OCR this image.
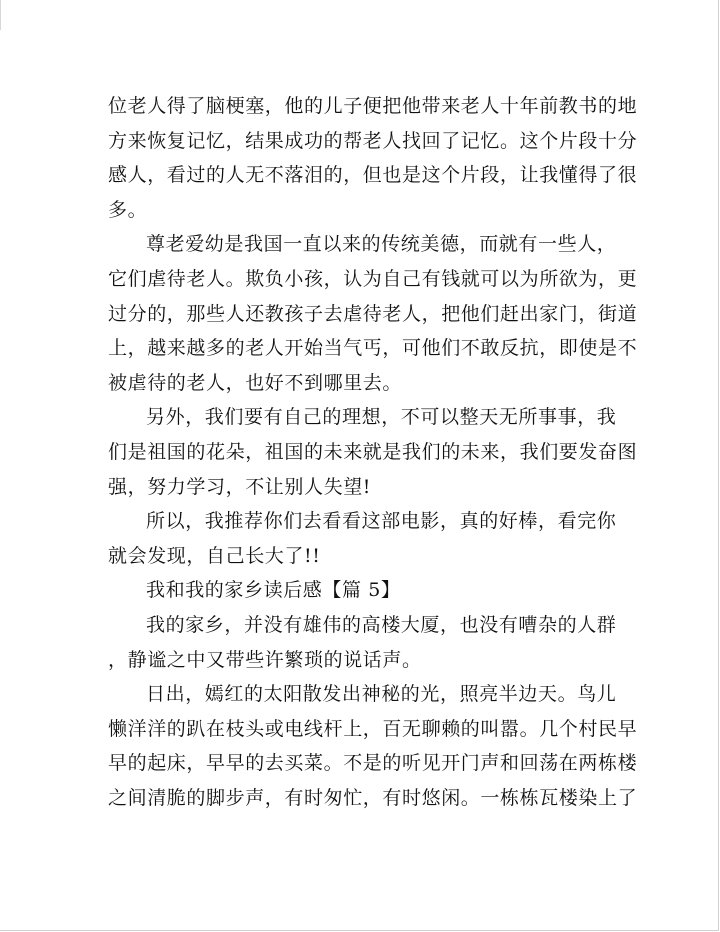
位老人得了脑梗塞，他的儿子便把他带来老人十年前教书的地
方来恢复记忆，结果成功的帮老人找回了记忆。这个片段十分
感人，看过的人无不落泪的，但也是这个片段，让我懂得了很
多。
尊老爱幼是我国一直以来的传统美德，而就有一些人，
它们虐待老人。欺负小孩，认为自己有钱就可以为所欲为，更
过分的，那些人还教孩子去虐待老人，把他们赶出家门，街道
上，越来越多的老人开始当气丐，可他们不敢反抗，即使是不
被虐待的老人，也好不到哪里去。
另外，我们要有自己的理想，不可以整天无所事事，我
们是祖国的花朵，祖国的未来就是我们的未来，我们要发奋图
强，努力学习，不让别人失望!
所以，我推荐你们去看看这部电影，真的好棒，看完你
就会发现，自己长大了!!
我和我的家乡读后感【篇 5】
我的家乡，并没有雄伟的高楼大厦，也没有嘈杂的人群
，静谧之中又带些许繁琐的说话声。
日出，嫣红的太阳散发出神秘的光，照亮半边天。鸟儿
懒洋洋的趴在枝头或电线杆上，百无聊赖的叫嚣。几个村民早
早的起床，早早的去买菜。不是的听见开门声和回荡在两栋楼
之间清脆的脚步声，有时匆忙，有时悠闲。一栋栋瓦楼染上了
